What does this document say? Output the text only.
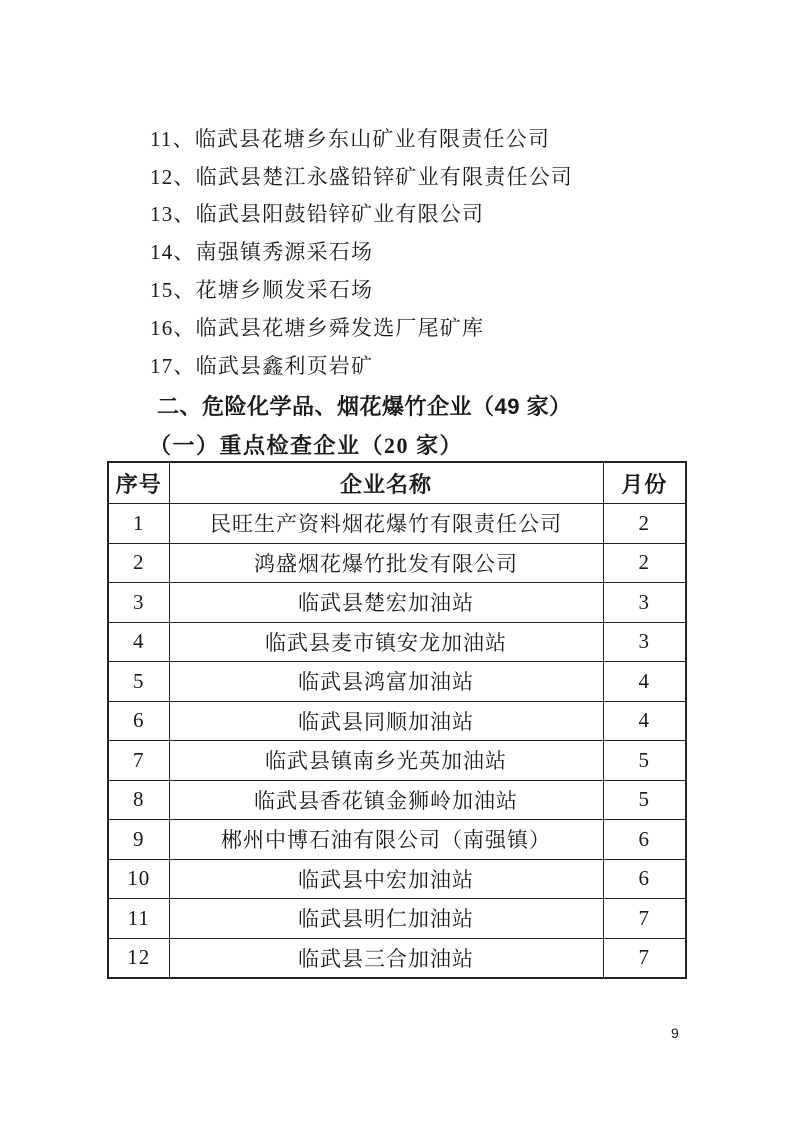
11、临武县花塘乡东山矿业有限责任公司
12、临武县楚江永盛铅锌矿业有限责任公司
13、临武县阳鼓铅锌矿业有限公司
14、南强镇秀源采石场
15、花塘乡顺发采石场
16、临武县花塘乡舜发选厂尾矿库
17、临武县鑫利页岩矿
二、危险化学品、烟花爆竹企业（49 家）
（一）重点检查企业（20 家）
序号	企业名称	月份
1	民旺生产资料烟花爆竹有限责任公司	2
2	鸿盛烟花爆竹批发有限公司	2
3	临武县楚宏加油站	3
4	临武县麦市镇安龙加油站	3
5	临武县鸿富加油站	4
6	临武县同顺加油站	4
7	临武县镇南乡光英加油站	5
8	临武县香花镇金狮岭加油站	5
9	郴州中博石油有限公司（南强镇）	6
10	临武县中宏加油站	6
11	临武县明仁加油站	7
12	临武县三合加油站	7
9
